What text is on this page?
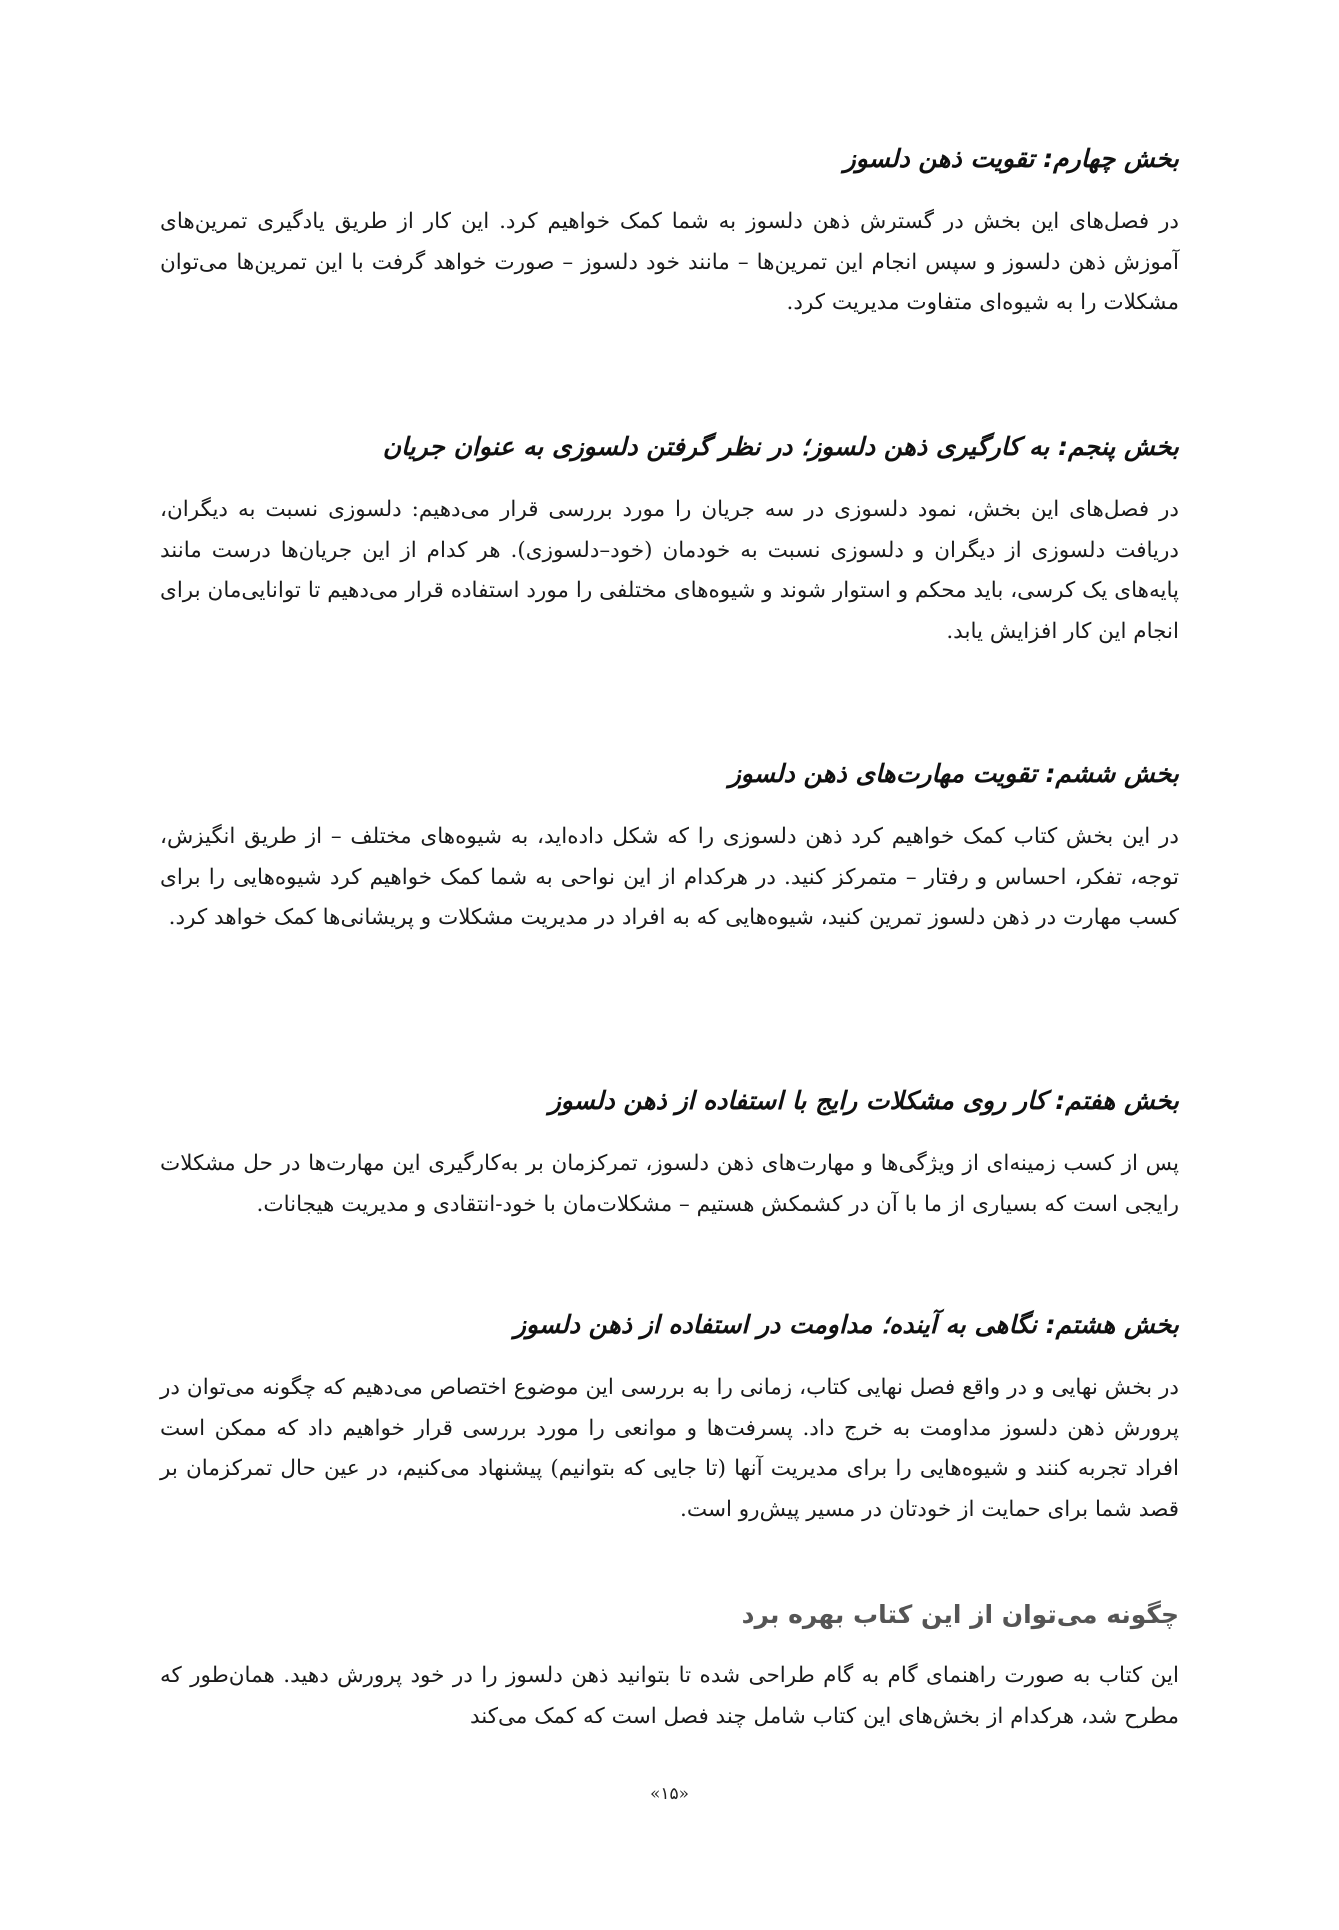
بخش چهارم: تقویت ذهن دلسوز

در فصل‌های این بخش در گسترش ذهن دلسوز به شما کمک خواهیم کرد. این کار از طریق یادگیری تمرین‌های آموزش ذهن دلسوز و سپس انجام این تمرین‌ها – مانند خود دلسوز – صورت خواهد گرفت با این تمرین‌ها می‌توان مشکلات را به شیوه‌ای متفاوت مدیریت کرد.

بخش پنجم: به کارگیری ذهن دلسوز؛ در نظر گرفتن دلسوزی به عنوان جریان

در فصل‌های این بخش، نمود دلسوزی در سه جریان را مورد بررسی قرار می‌دهیم: دلسوزی نسبت به دیگران، دریافت دلسوزی از دیگران و دلسوزی نسبت به خودمان (خود–دلسوزی). هر کدام از این جریان‌ها درست مانند پایه‌های یک کرسی، باید محکم و استوار شوند و شیوه‌های مختلفی را مورد استفاده قرار می‌دهیم تا توانایی‌مان برای انجام این کار افزایش یابد.

بخش ششم: تقویت مهارت‌های ذهن دلسوز

در این بخش کتاب کمک خواهیم کرد ذهن دلسوزی را که شکل داده‌اید، به شیوه‌های مختلف – از طریق انگیزش، توجه، تفکر، احساس و رفتار – متمرکز کنید. در هرکدام از این نواحی به شما کمک خواهیم کرد شیوه‌هایی را برای کسب مهارت در ذهن دلسوز تمرین کنید، شیوه‌هایی که به افراد در مدیریت مشکلات و پریشانی‌ها کمک خواهد کرد.

بخش هفتم: کار روی مشکلات رایج با استفاده از ذهن دلسوز

پس از کسب زمینه‌ای از ویژگی‌ها و مهارت‌های ذهن دلسوز، تمرکزمان بر به‌کارگیری این مهارت‌ها در حل مشکلات رایجی است که بسیاری از ما با آن در کشمکش هستیم – مشکلات‌مان با خود-انتقادی و مدیریت هیجانات.

بخش هشتم: نگاهی به آینده؛ مداومت در استفاده از ذهن دلسوز

در بخش نهایی و در واقع فصل نهایی کتاب، زمانی را به بررسی این موضوع اختصاص می‌دهیم که چگونه می‌توان در پرورش ذهن دلسوز مداومت به خرج داد. پسرفت‌ها و موانعی را مورد بررسی قرار خواهیم داد که ممکن است افراد تجربه کنند و شیوه‌هایی را برای مدیریت آنها (تا جایی که بتوانیم) پیشنهاد می‌کنیم، در عین حال تمرکزمان بر قصد شما برای حمایت از خودتان در مسیر پیش‌رو است.

چگونه می‌توان از این کتاب بهره برد

این کتاب به صورت راهنمای گام به گام طراحی شده تا بتوانید ذهن دلسوز را در خود پرورش دهید. همان‌طور که مطرح شد، هرکدام از بخش‌های این کتاب شامل چند فصل است که کمک می‌کند

«۱۵»
